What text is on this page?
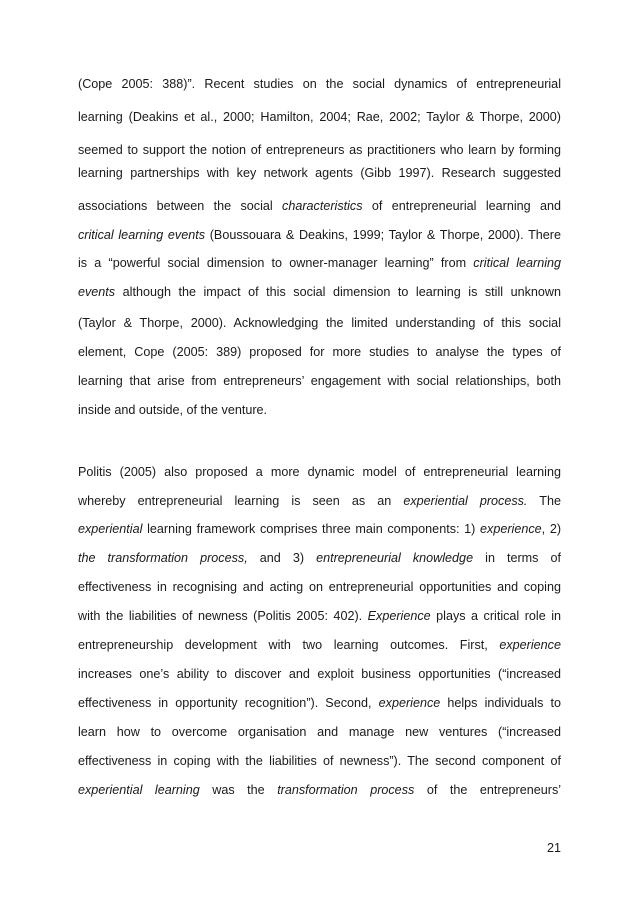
(Cope 2005: 388)”. Recent studies on the social dynamics of entrepreneurial
learning (Deakins et al., 2000; Hamilton, 2004; Rae, 2002; Taylor & Thorpe, 2000)
seemed to support the notion of entrepreneurs as practitioners who learn by forming
learning partnerships with key network agents (Gibb 1997). Research suggested
associations between the social characteristics of entrepreneurial learning and
critical learning events (Boussouara & Deakins, 1999; Taylor & Thorpe, 2000). There
is a “powerful social dimension to owner-manager learning” from critical learning
events although the impact of this social dimension to learning is still unknown
(Taylor & Thorpe, 2000). Acknowledging the limited understanding of this social
element, Cope (2005: 389) proposed for more studies to analyse the types of
learning that arise from entrepreneurs’ engagement with social relationships, both
inside and outside, of the venture.
Politis (2005) also proposed a more dynamic model of entrepreneurial learning
whereby entrepreneurial learning is seen as an experiential process. The
experiential learning framework comprises three main components: 1) experience, 2)
the transformation process, and 3) entrepreneurial knowledge in terms of
effectiveness in recognising and acting on entrepreneurial opportunities and coping
with the liabilities of newness (Politis 2005: 402). Experience plays a critical role in
entrepreneurship development with two learning outcomes. First, experience
increases one’s ability to discover and exploit business opportunities (“increased
effectiveness in opportunity recognition”). Second, experience helps individuals to
learn how to overcome organisation and manage new ventures (“increased
effectiveness in coping with the liabilities of newness”). The second component of
experiential learning was the transformation process of the entrepreneurs’
21
